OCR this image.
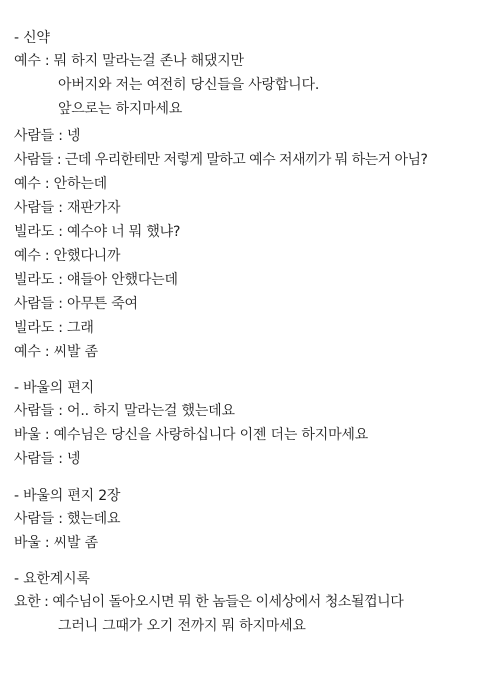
- 신약
예수 : 뭐 하지 말라는걸 존나 해댔지만
아버지와 저는 여전히 당신들을 사랑합니다.
앞으로는 하지마세요
사람들 : 넹
사람들 : 근데 우리한테만 저렇게 말하고 예수 저새끼가 뭐 하는거 아님?
예수 : 안하는데
사람들 : 재판가자
빌라도 : 예수야 너 뭐 했냐?
예수 : 안했다니까
빌라도 : 얘들아 안했다는데
사람들 : 아무튼 죽여
빌라도 : 그래
예수 : 씨발 좀
- 바울의 편지
사람들 : 어.. 하지 말라는걸 했는데요
바울 : 예수님은 당신을 사랑하십니다 이젠 더는 하지마세요
사람들 : 넹
- 바울의 편지 2장
사람들 : 했는데요
바울 : 씨발 좀
- 요한계시록
요한 : 예수님이 돌아오시면 뭐 한 놈들은 이세상에서 청소될껍니다
그러니 그때가 오기 전까지 뭐 하지마세요
